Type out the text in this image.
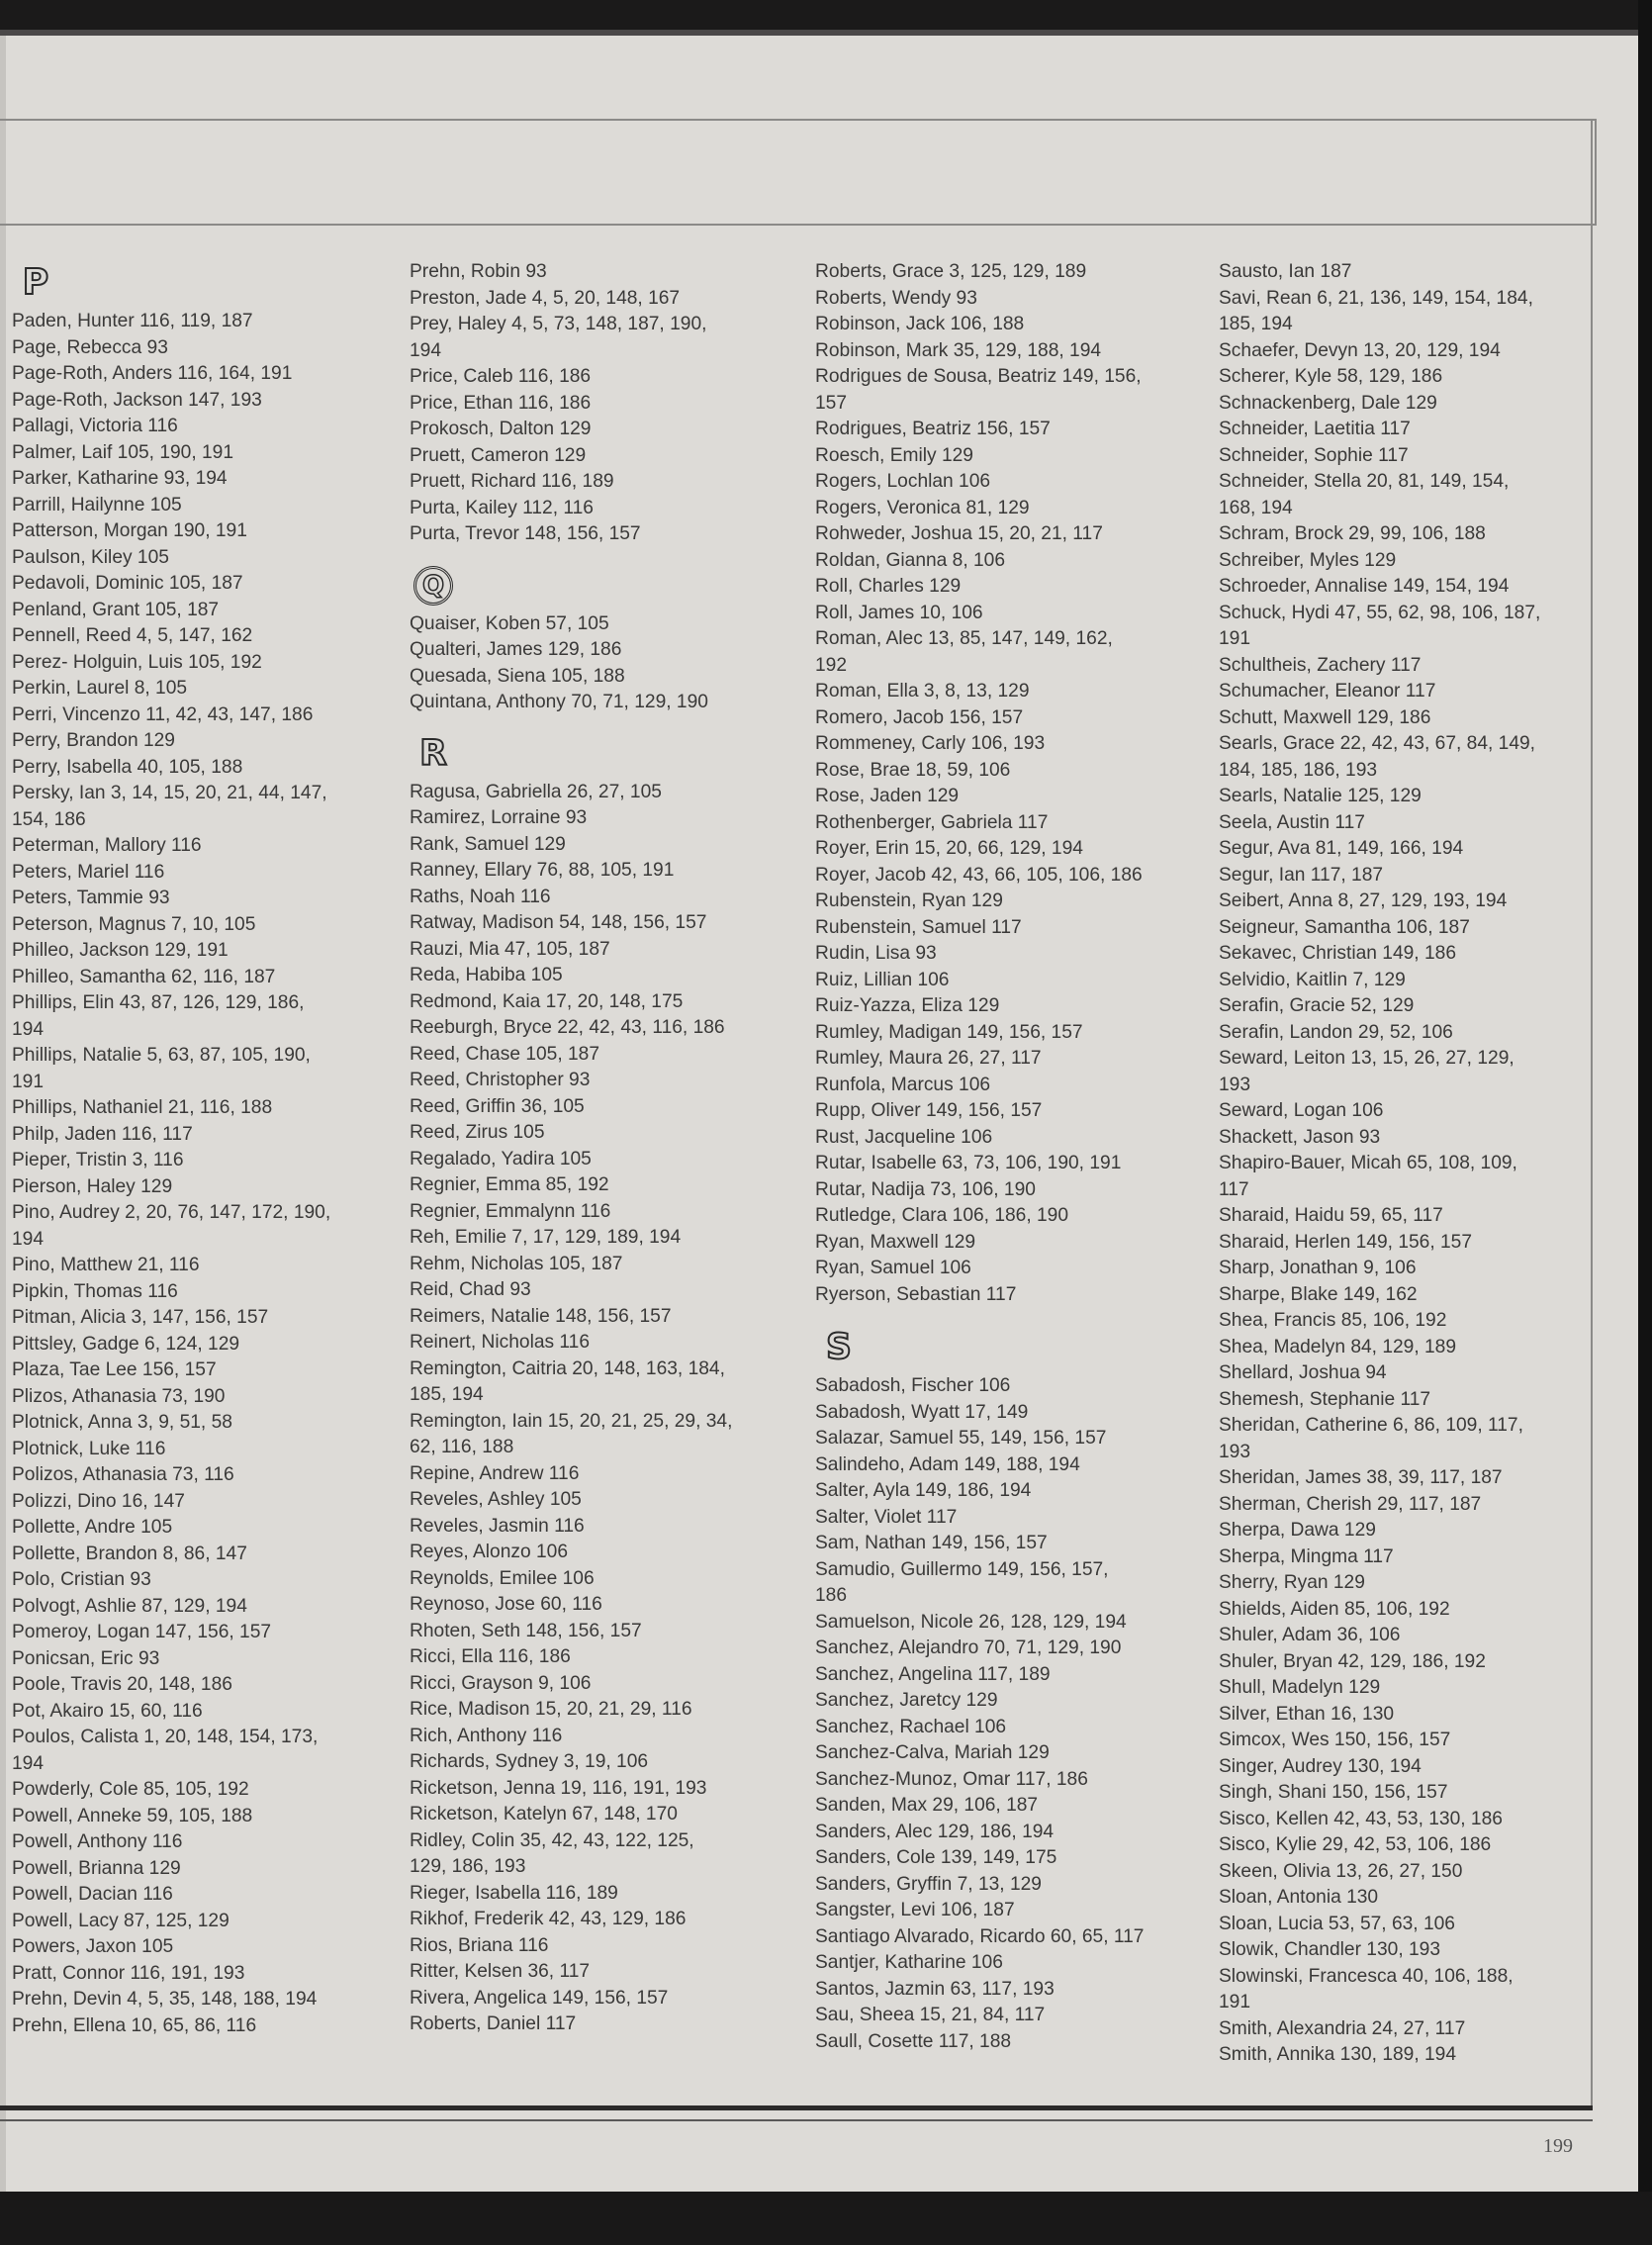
P
Paden, Hunter 116, 119, 187
Page, Rebecca 93
Page-Roth, Anders 116, 164, 191
Page-Roth, Jackson 147, 193
Pallagi, Victoria 116
Palmer, Laif 105, 190, 191
Parker, Katharine 93, 194
Parrill, Hailynne 105
Patterson, Morgan 190, 191
Paulson, Kiley 105
Pedavoli, Dominic 105, 187
Penland, Grant 105, 187
Pennell, Reed 4, 5, 147, 162
Perez- Holguin, Luis 105, 192
Perkin, Laurel 8, 105
Perri, Vincenzo 11, 42, 43, 147, 186
Perry, Brandon 129
Perry, Isabella 40, 105, 188
Persky, Ian 3, 14, 15, 20, 21, 44, 147,
154, 186
Peterman, Mallory 116
Peters, Mariel 116
Peters, Tammie 93
Peterson, Magnus 7, 10, 105
Philleo, Jackson 129, 191
Philleo, Samantha 62, 116, 187
Phillips, Elin 43, 87, 126, 129, 186,
194
Phillips, Natalie 5, 63, 87, 105, 190,
191
Phillips, Nathaniel 21, 116, 188
Philp, Jaden 116, 117
Pieper, Tristin 3, 116
Pierson, Haley 129
Pino, Audrey 2, 20, 76, 147, 172, 190,
194
Pino, Matthew 21, 116
Pipkin, Thomas 116
Pitman, Alicia 3, 147, 156, 157
Pittsley, Gadge 6, 124, 129
Plaza, Tae Lee 156, 157
Plizos, Athanasia 73, 190
Plotnick, Anna 3, 9, 51, 58
Plotnick, Luke 116
Polizos, Athanasia 73, 116
Polizzi, Dino 16, 147
Pollette, Andre 105
Pollette, Brandon 8, 86, 147
Polo, Cristian 93
Polvogt, Ashlie 87, 129, 194
Pomeroy, Logan 147, 156, 157
Ponicsan, Eric 93
Poole, Travis 20, 148, 186
Pot, Akairo 15, 60, 116
Poulos, Calista 1, 20, 148, 154, 173,
194
Powderly, Cole 85, 105, 192
Powell, Anneke 59, 105, 188
Powell, Anthony 116
Powell, Brianna 129
Powell, Dacian 116
Powell, Lacy 87, 125, 129
Powers, Jaxon 105
Pratt, Connor 116, 191, 193
Prehn, Devin 4, 5, 35, 148, 188, 194
Prehn, Ellena 10, 65, 86, 116
Prehn, Robin 93
Preston, Jade 4, 5, 20, 148, 167
Prey, Haley 4, 5, 73, 148, 187, 190,
194
Price, Caleb 116, 186
Price, Ethan 116, 186
Prokosch, Dalton 129
Pruett, Cameron 129
Pruett, Richard 116, 189
Purta, Kailey 112, 116
Purta, Trevor 148, 156, 157
Q
Quaiser, Koben 57, 105
Qualteri, James 129, 186
Quesada, Siena 105, 188
Quintana, Anthony 70, 71, 129, 190
R
Ragusa, Gabriella 26, 27, 105
Ramirez, Lorraine 93
Rank, Samuel 129
Ranney, Ellary 76, 88, 105, 191
Raths, Noah 116
Ratway, Madison 54, 148, 156, 157
Rauzi, Mia 47, 105, 187
Reda, Habiba 105
Redmond, Kaia 17, 20, 148, 175
Reeburgh, Bryce 22, 42, 43, 116, 186
Reed, Chase 105, 187
Reed, Christopher 93
Reed, Griffin 36, 105
Reed, Zirus 105
Regalado, Yadira 105
Regnier, Emma 85, 192
Regnier, Emmalynn 116
Reh, Emilie 7, 17, 129, 189, 194
Rehm, Nicholas 105, 187
Reid, Chad 93
Reimers, Natalie 148, 156, 157
Reinert, Nicholas 116
Remington, Caitria 20, 148, 163, 184,
185, 194
Remington, Iain 15, 20, 21, 25, 29, 34,
62, 116, 188
Repine, Andrew 116
Reveles, Ashley 105
Reveles, Jasmin 116
Reyes, Alonzo 106
Reynolds, Emilee 106
Reynoso, Jose 60, 116
Rhoten, Seth 148, 156, 157
Ricci, Ella 116, 186
Ricci, Grayson 9, 106
Rice, Madison 15, 20, 21, 29, 116
Rich, Anthony 116
Richards, Sydney 3, 19, 106
Ricketson, Jenna 19, 116, 191, 193
Ricketson, Katelyn 67, 148, 170
Ridley, Colin 35, 42, 43, 122, 125,
129, 186, 193
Rieger, Isabella 116, 189
Rikhof, Frederik 42, 43, 129, 186
Rios, Briana 116
Ritter, Kelsen 36, 117
Rivera, Angelica 149, 156, 157
Roberts, Daniel 117
Roberts, Grace 3, 125, 129, 189
Roberts, Wendy 93
Robinson, Jack 106, 188
Robinson, Mark 35, 129, 188, 194
Rodrigues de Sousa, Beatriz 149, 156,
157
Rodrigues, Beatriz 156, 157
Roesch, Emily 129
Rogers, Lochlan 106
Rogers, Veronica 81, 129
Rohweder, Joshua 15, 20, 21, 117
Roldan, Gianna 8, 106
Roll, Charles 129
Roll, James 10, 106
Roman, Alec 13, 85, 147, 149, 162,
192
Roman, Ella 3, 8, 13, 129
Romero, Jacob 156, 157
Rommeney, Carly 106, 193
Rose, Brae 18, 59, 106
Rose, Jaden 129
Rothenberger, Gabriela 117
Royer, Erin 15, 20, 66, 129, 194
Royer, Jacob 42, 43, 66, 105, 106, 186
Rubenstein, Ryan 129
Rubenstein, Samuel 117
Rudin, Lisa 93
Ruiz, Lillian 106
Ruiz-Yazza, Eliza 129
Rumley, Madigan 149, 156, 157
Rumley, Maura 26, 27, 117
Runfola, Marcus 106
Rupp, Oliver 149, 156, 157
Rust, Jacqueline 106
Rutar, Isabelle 63, 73, 106, 190, 191
Rutar, Nadija 73, 106, 190
Rutledge, Clara 106, 186, 190
Ryan, Maxwell 129
Ryan, Samuel 106
Ryerson, Sebastian 117
S
Sabadosh, Fischer 106
Sabadosh, Wyatt 17, 149
Salazar, Samuel 55, 149, 156, 157
Salindeho, Adam 149, 188, 194
Salter, Ayla 149, 186, 194
Salter, Violet 117
Sam, Nathan 149, 156, 157
Samudio, Guillermo 149, 156, 157,
186
Samuelson, Nicole 26, 128, 129, 194
Sanchez, Alejandro 70, 71, 129, 190
Sanchez, Angelina 117, 189
Sanchez, Jaretcy 129
Sanchez, Rachael 106
Sanchez-Calva, Mariah 129
Sanchez-Munoz, Omar 117, 186
Sanden, Max 29, 106, 187
Sanders, Alec 129, 186, 194
Sanders, Cole 139, 149, 175
Sanders, Gryffin 7, 13, 129
Sangster, Levi 106, 187
Santiago Alvarado, Ricardo 60, 65, 117
Santjer, Katharine 106
Santos, Jazmin 63, 117, 193
Sau, Sheea 15, 21, 84, 117
Saull, Cosette 117, 188
Sausto, Ian 187
Savi, Rean 6, 21, 136, 149, 154, 184,
185, 194
Schaefer, Devyn 13, 20, 129, 194
Scherer, Kyle 58, 129, 186
Schnackenberg, Dale 129
Schneider, Laetitia 117
Schneider, Sophie 117
Schneider, Stella 20, 81, 149, 154,
168, 194
Schram, Brock 29, 99, 106, 188
Schreiber, Myles 129
Schroeder, Annalise 149, 154, 194
Schuck, Hydi 47, 55, 62, 98, 106, 187,
191
Schultheis, Zachery 117
Schumacher, Eleanor 117
Schutt, Maxwell 129, 186
Searls, Grace 22, 42, 43, 67, 84, 149,
184, 185, 186, 193
Searls, Natalie 125, 129
Seela, Austin 117
Segur, Ava 81, 149, 166, 194
Segur, Ian 117, 187
Seibert, Anna 8, 27, 129, 193, 194
Seigneur, Samantha 106, 187
Sekavec, Christian 149, 186
Selvidio, Kaitlin 7, 129
Serafin, Gracie 52, 129
Serafin, Landon 29, 52, 106
Seward, Leiton 13, 15, 26, 27, 129,
193
Seward, Logan 106
Shackett, Jason 93
Shapiro-Bauer, Micah 65, 108, 109,
117
Sharaid, Haidu 59, 65, 117
Sharaid, Herlen 149, 156, 157
Sharp, Jonathan 9, 106
Sharpe, Blake 149, 162
Shea, Francis 85, 106, 192
Shea, Madelyn 84, 129, 189
Shellard, Joshua 94
Shemesh, Stephanie 117
Sheridan, Catherine 6, 86, 109, 117,
193
Sheridan, James 38, 39, 117, 187
Sherman, Cherish 29, 117, 187
Sherpa, Dawa 129
Sherpa, Mingma 117
Sherry, Ryan 129
Shields, Aiden 85, 106, 192
Shuler, Adam 36, 106
Shuler, Bryan 42, 129, 186, 192
Shull, Madelyn 129
Silver, Ethan 16, 130
Simcox, Wes 150, 156, 157
Singer, Audrey 130, 194
Singh, Shani 150, 156, 157
Sisco, Kellen 42, 43, 53, 130, 186
Sisco, Kylie 29, 42, 53, 106, 186
Skeen, Olivia 13, 26, 27, 150
Sloan, Antonia 130
Sloan, Lucia 53, 57, 63, 106
Slowik, Chandler 130, 193
Slowinski, Francesca 40, 106, 188,
191
Smith, Alexandria 24, 27, 117
Smith, Annika 130, 189, 194
199
